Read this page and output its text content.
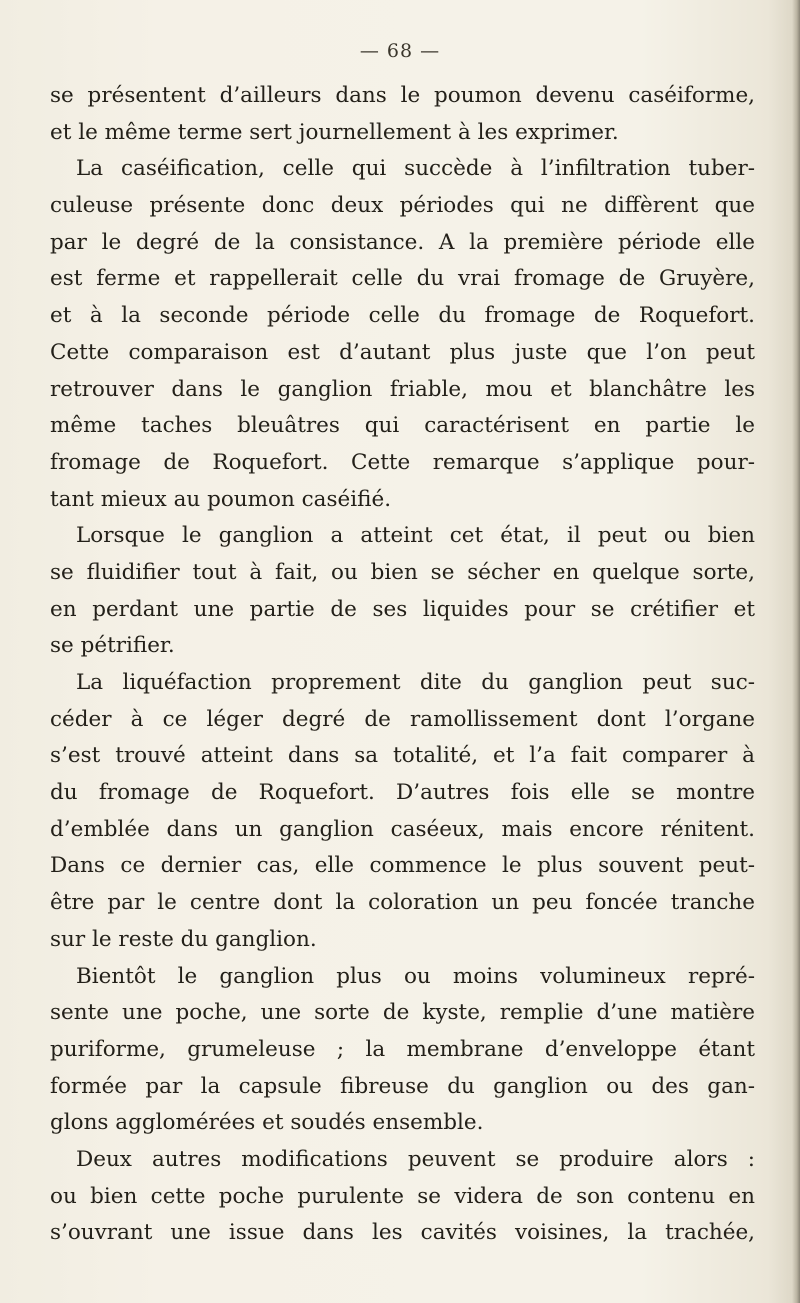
— 68 —
se présentent d’ailleurs dans le poumon devenu caséiforme,
et le même terme sert journellement à les exprimer.
La caséification, celle qui succède à l’infiltration tuber-
culeuse présente donc deux périodes qui ne diffèrent que
par le degré de la consistance. A la première période elle
est ferme et rappellerait celle du vrai fromage de Gruyère,
et à la seconde période celle du fromage de Roquefort.
Cette comparaison est d’autant plus juste que l’on peut
retrouver dans le ganglion friable, mou et blanchâtre les
même taches bleuâtres qui caractérisent en partie le
fromage de Roquefort. Cette remarque s’applique pour-
tant mieux au poumon caséifié.
Lorsque le ganglion a atteint cet état, il peut ou bien
se fluidifier tout à fait, ou bien se sécher en quelque sorte,
en perdant une partie de ses liquides pour se crétifier et
se pétrifier.
La liquéfaction proprement dite du ganglion peut suc-
céder à ce léger degré de ramollissement dont l’organe
s’est trouvé atteint dans sa totalité, et l’a fait comparer à
du fromage de Roquefort. D’autres fois elle se montre
d’emblée dans un ganglion caséeux, mais encore rénitent.
Dans ce dernier cas, elle commence le plus souvent peut-
être par le centre dont la coloration un peu foncée tranche
sur le reste du ganglion.
Bientôt le ganglion plus ou moins volumineux repré-
sente une poche, une sorte de kyste, remplie d’une matière
puriforme, grumeleuse ; la membrane d’enveloppe étant
formée par la capsule fibreuse du ganglion ou des gan-
glons agglomérées et soudés ensemble.
Deux autres modifications peuvent se produire alors :
ou bien cette poche purulente se videra de son contenu en
s’ouvrant une issue dans les cavités voisines, la trachée,
